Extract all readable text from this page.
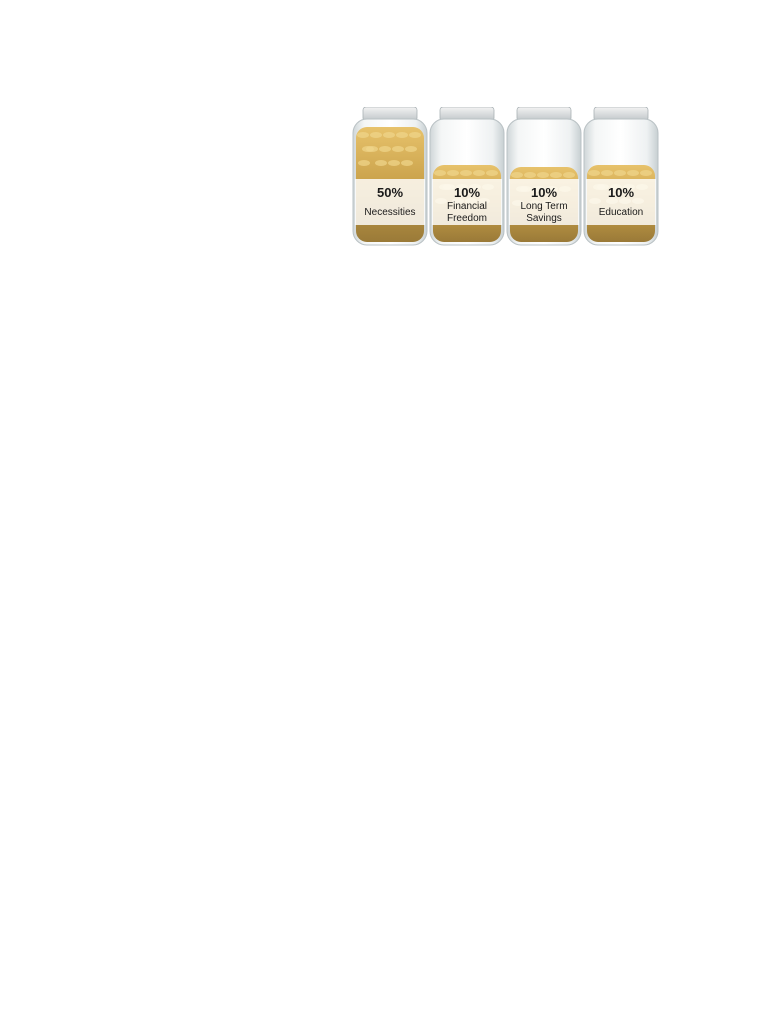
50%
Necessities
10%
Financial
Freedom
10%
Long Term
Savings
10%
Education
